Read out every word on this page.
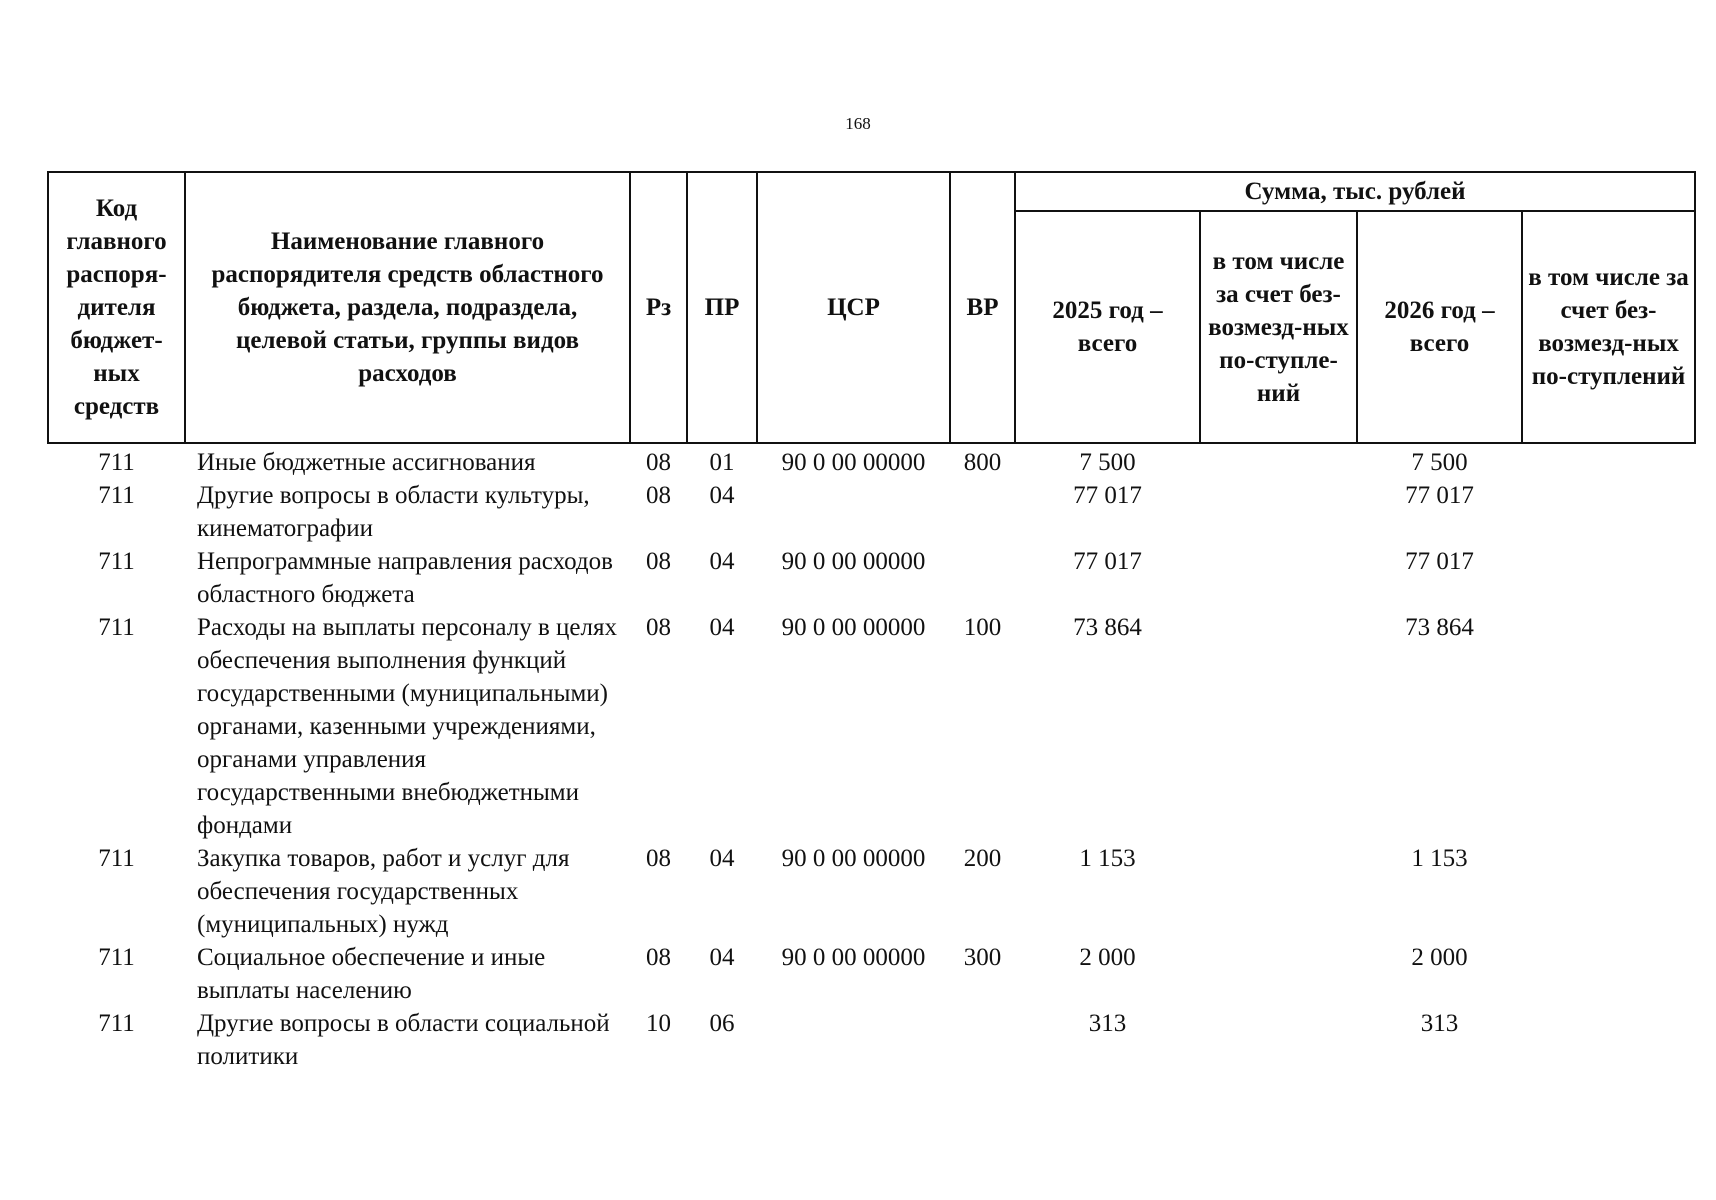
168
Код главного распоря-дителя бюджет-ных средств	Наименование главного распорядителя средств областного бюджета, раздела, подраздела, целевой статьи, группы видов расходов	Рз	ПР	ЦСР	ВР	Сумма, тыс. рублей			
						2025 год – всего	в том числе за счет без-возмезд-ных по-ступле-ний	2026 год – всего	в том числе за счет без-возмезд-ных по-ступлений
711	Иные бюджетные ассигнования	08	01	90 0 00 00000	800	7 500		7 500	
711	Другие вопросы в области культуры, кинематографии	08	04			77 017		77 017	
711	Непрограммные направления расходов областного бюджета	08	04	90 0 00 00000		77 017		77 017	
711	Расходы на выплаты персоналу в целях обеспечения выполнения функций государственными (муниципальными) органами, казенными учреждениями, органами управления государственными внебюджетными фондами	08	04	90 0 00 00000	100	73 864		73 864	
711	Закупка товаров, работ и услуг для обеспечения государственных (муниципальных) нужд	08	04	90 0 00 00000	200	1 153		1 153	
711	Социальное обеспечение и иные выплаты населению	08	04	90 0 00 00000	300	2 000		2 000	
711	Другие вопросы в области социальной политики	10	06			313		313	
